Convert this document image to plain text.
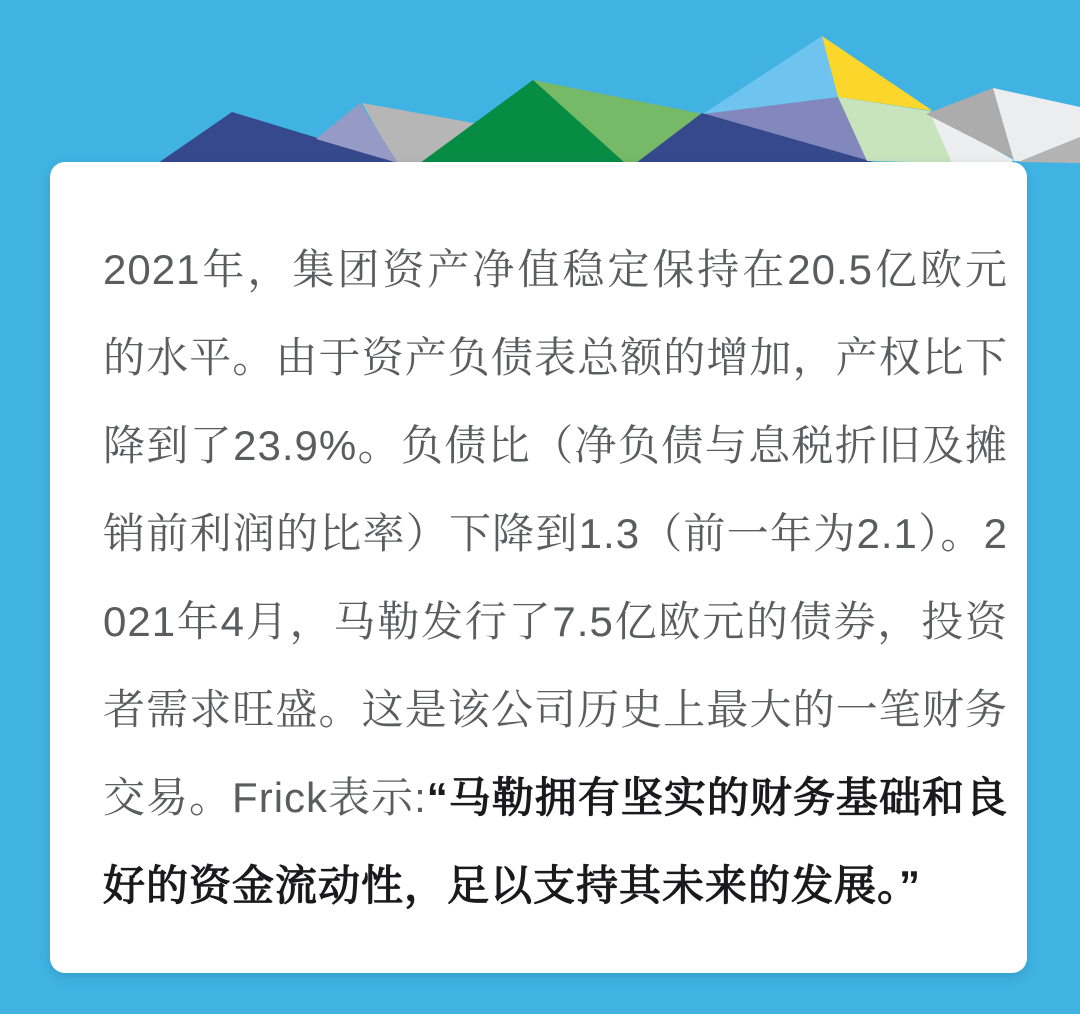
2021年，集团资产净值稳定保持在20.5亿欧元的水平。由于资产负债表总额的增加，产权比下降到了23.9%。负债比（净负债与息税折旧及摊销前利润的比率）下降到1.3（前一年为2.1）。2021年4月，马勒发行了7.5亿欧元的债券，投资者需求旺盛。这是该公司历史上最大的一笔财务交易。Frick表示:“马勒拥有坚实的财务基础和良好的资金流动性，足以支持其未来的发展。”
